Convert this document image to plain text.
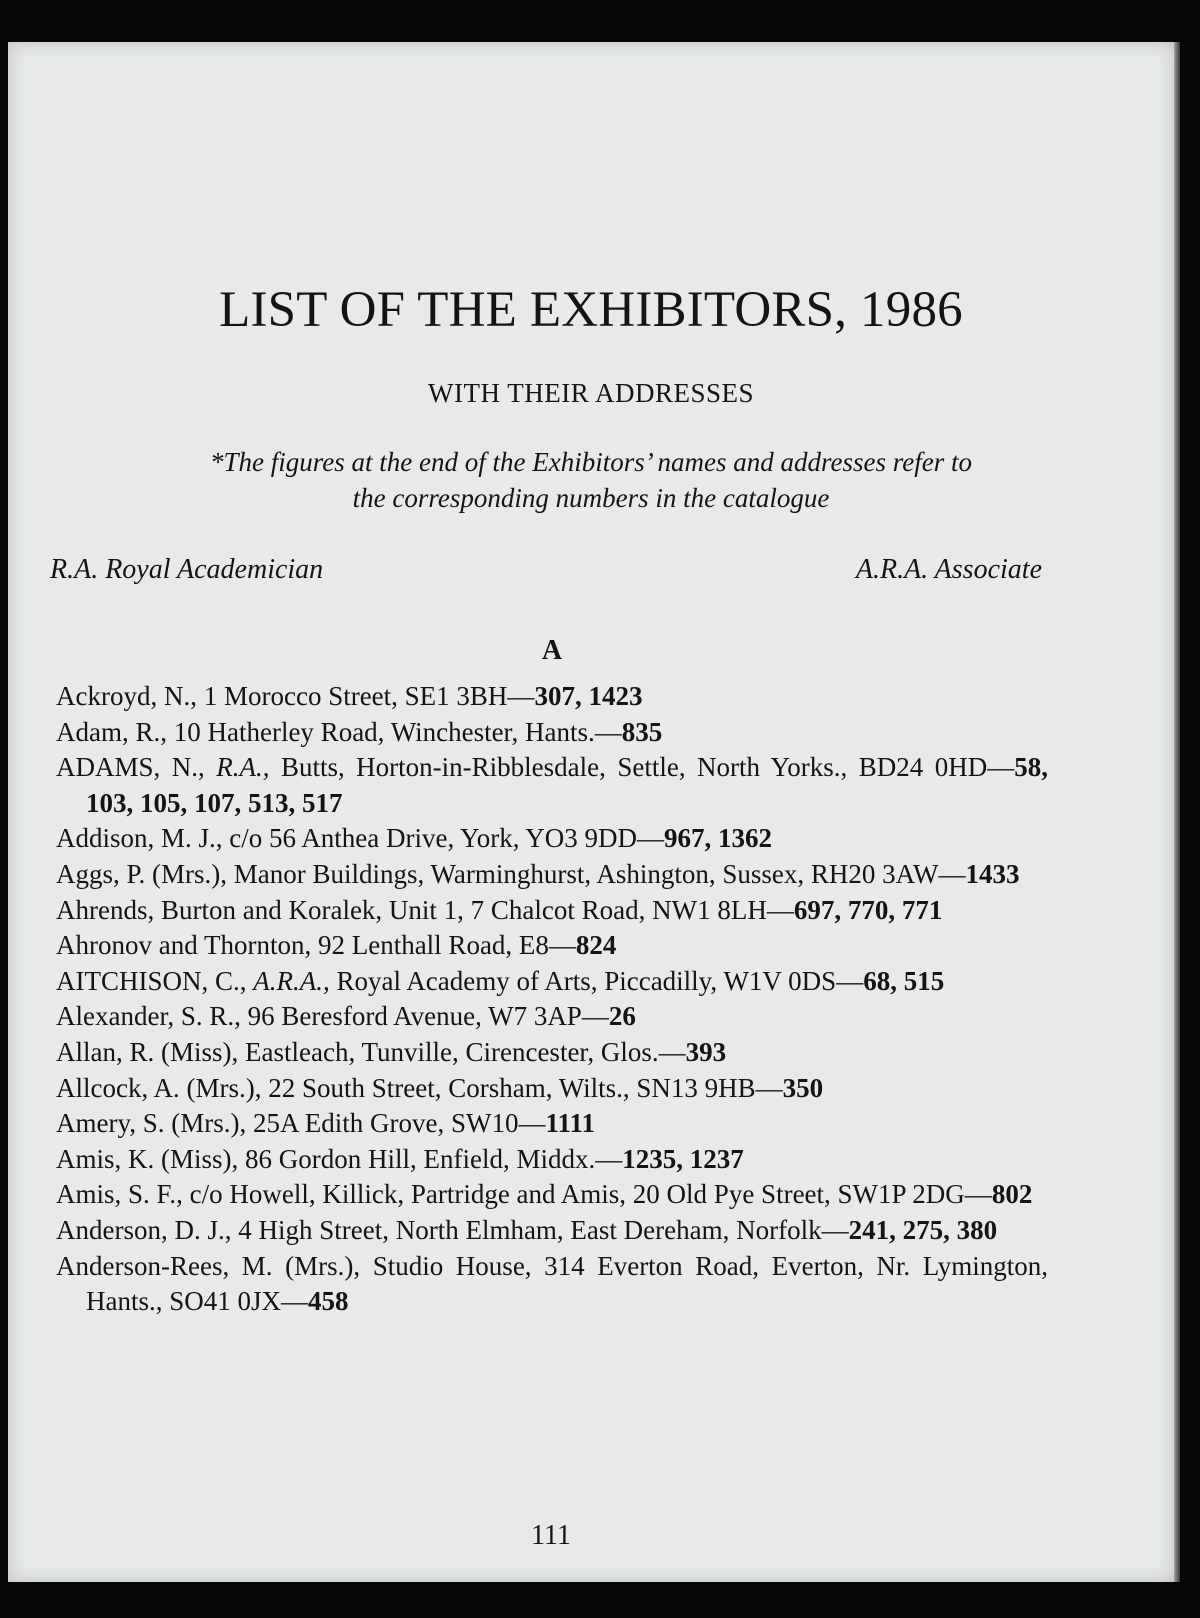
LIST OF THE EXHIBITORS, 1986
WITH THEIR ADDRESSES
*The figures at the end of the Exhibitors’ names and addresses refer to
the corresponding numbers in the catalogue
R.A. Royal Academician	A.R.A. Associate
A
Ackroyd, N., 1 Morocco Street, SE1 3BH—307, 1423
Adam, R., 10 Hatherley Road, Winchester, Hants.—835
ADAMS, N., R.A., Butts, Horton-in-Ribblesdale, Settle, North Yorks., BD24 0HD—58, 103, 105, 107, 513, 517
Addison, M. J., c/o 56 Anthea Drive, York, YO3 9DD—967, 1362
Aggs, P. (Mrs.), Manor Buildings, Warminghurst, Ashington, Sussex, RH20 3AW—1433
Ahrends, Burton and Koralek, Unit 1, 7 Chalcot Road, NW1 8LH—697, 770, 771
Ahronov and Thornton, 92 Lenthall Road, E8—824
AITCHISON, C., A.R.A., Royal Academy of Arts, Piccadilly, W1V 0DS—68, 515
Alexander, S. R., 96 Beresford Avenue, W7 3AP—26
Allan, R. (Miss), Eastleach, Tunville, Cirencester, Glos.—393
Allcock, A. (Mrs.), 22 South Street, Corsham, Wilts., SN13 9HB—350
Amery, S. (Mrs.), 25A Edith Grove, SW10—1111
Amis, K. (Miss), 86 Gordon Hill, Enfield, Middx.—1235, 1237
Amis, S. F., c/o Howell, Killick, Partridge and Amis, 20 Old Pye Street, SW1P 2DG—802
Anderson, D. J., 4 High Street, North Elmham, East Dereham, Norfolk—241, 275, 380
Anderson-Rees, M. (Mrs.), Studio House, 314 Everton Road, Everton, Nr. Lymington, Hants., SO41 0JX—458
111
